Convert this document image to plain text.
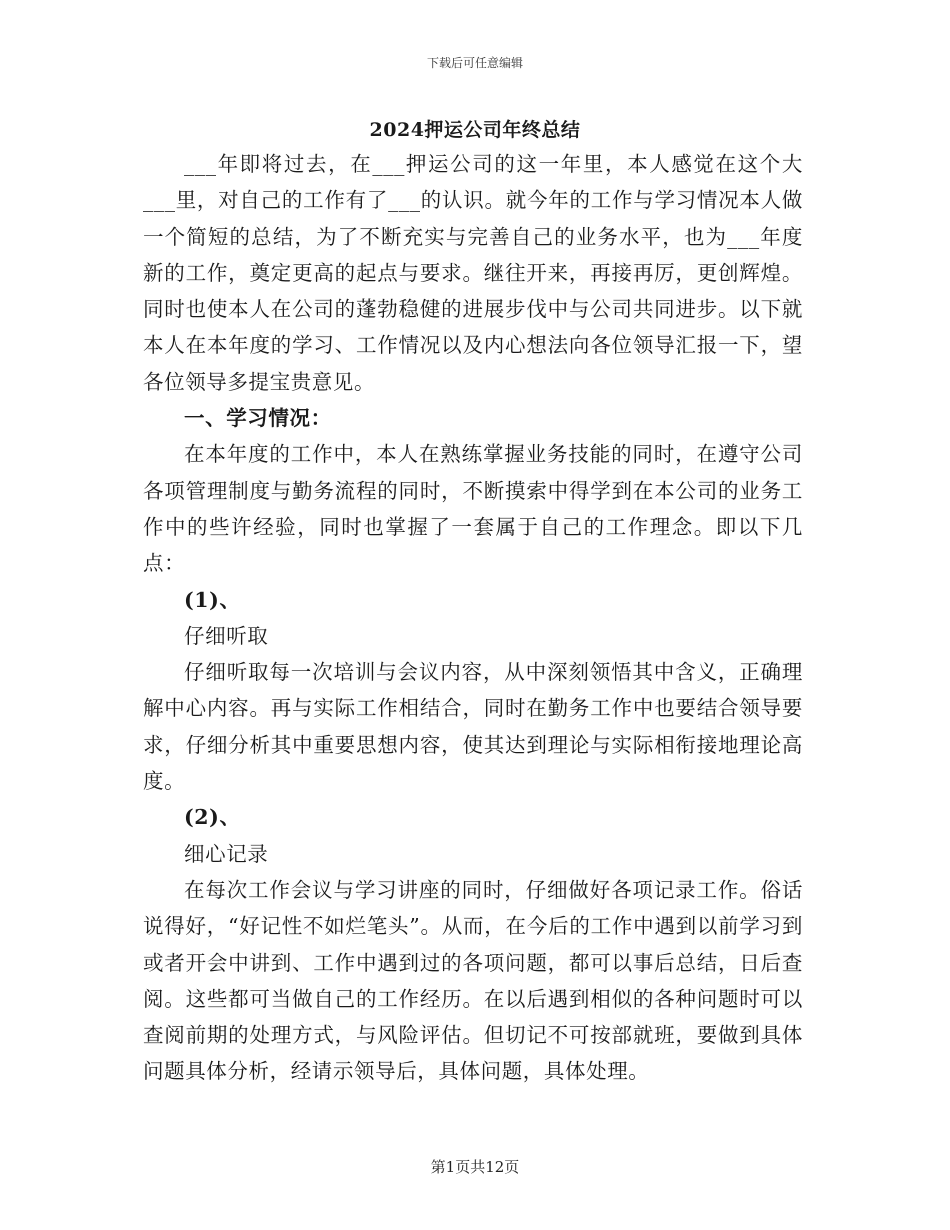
下载后可任意编辑
2024押运公司年终总结

___年即将过去，在___押运公司的这一年里，本人感觉在这个大___里，对自己的工作有了___的认识。就今年的工作与学习情况本人做一个简短的总结，为了不断充实与完善自己的业务水平，也为___年度新的工作，奠定更高的起点与要求。继往开来，再接再厉，更创辉煌。同时也使本人在公司的蓬勃稳健的进展步伐中与公司共同进步。以下就本人在本年度的学习、工作情况以及内心想法向各位领导汇报一下，望各位领导多提宝贵意见。

一、学习情况：

在本年度的工作中，本人在熟练掌握业务技能的同时，在遵守公司各项管理制度与勤务流程的同时，不断摸索中得学到在本公司的业务工作中的些许经验，同时也掌握了一套属于自己的工作理念。即以下几点：

(1)、

仔细听取

仔细听取每一次培训与会议内容，从中深刻领悟其中含义，正确理解中心内容。再与实际工作相结合，同时在勤务工作中也要结合领导要求，仔细分析其中重要思想内容，使其达到理论与实际相衔接地理论高度。

(2)、

细心记录

在每次工作会议与学习讲座的同时，仔细做好各项记录工作。俗话说得好，“好记性不如烂笔头”。从而，在今后的工作中遇到以前学习到或者开会中讲到、工作中遇到过的各项问题，都可以事后总结，日后查阅。这些都可当做自己的工作经历。在以后遇到相似的各种问题时可以查阅前期的处理方式，与风险评估。但切记不可按部就班，要做到具体问题具体分析，经请示领导后，具体问题，具体处理。

第1页共12页
